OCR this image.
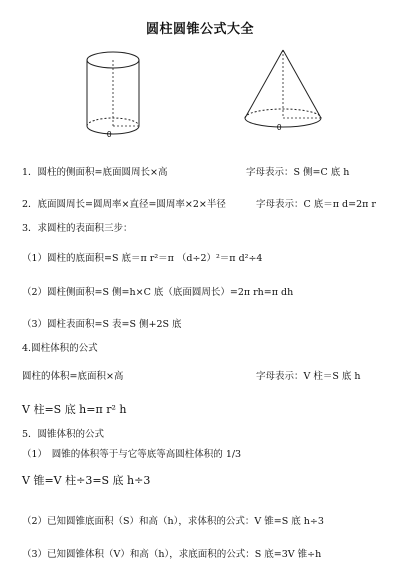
圆柱圆锥公式大全
0
0
1．圆柱的侧面积=底面圆周长×高	字母表示：S 侧=C 底 h
2．底面圆周长=圆周率×直径=圆周率×2×半径	字母表示：C 底＝π d=2π r
3．求圆柱的表面积三步：
（1）圆柱的底面积=S 底＝π r²＝π （d÷2）²＝π d²÷4
（2）圆柱侧面积=S 侧=h×C 底（底面圆周长）=2π rh=π dh
（3）圆柱表面积=S 表=S 侧+2S 底
4.圆柱体积的公式
圆柱的体积=底面积×高	字母表示：V 柱＝S 底 h
V 柱=S 底 h=π r² h
5．圆锥体积的公式
（1）　圆锥的体积等于与它等底等高圆柱体积的 1/3
V 锥=V 柱÷3=S 底 h÷3
（2）已知圆锥底面积（S）和高（h），求体积的公式：V 锥=S 底 h÷3
（3）已知圆锥体积（V）和高（h），求底面积的公式：S 底=3V 锥÷h
